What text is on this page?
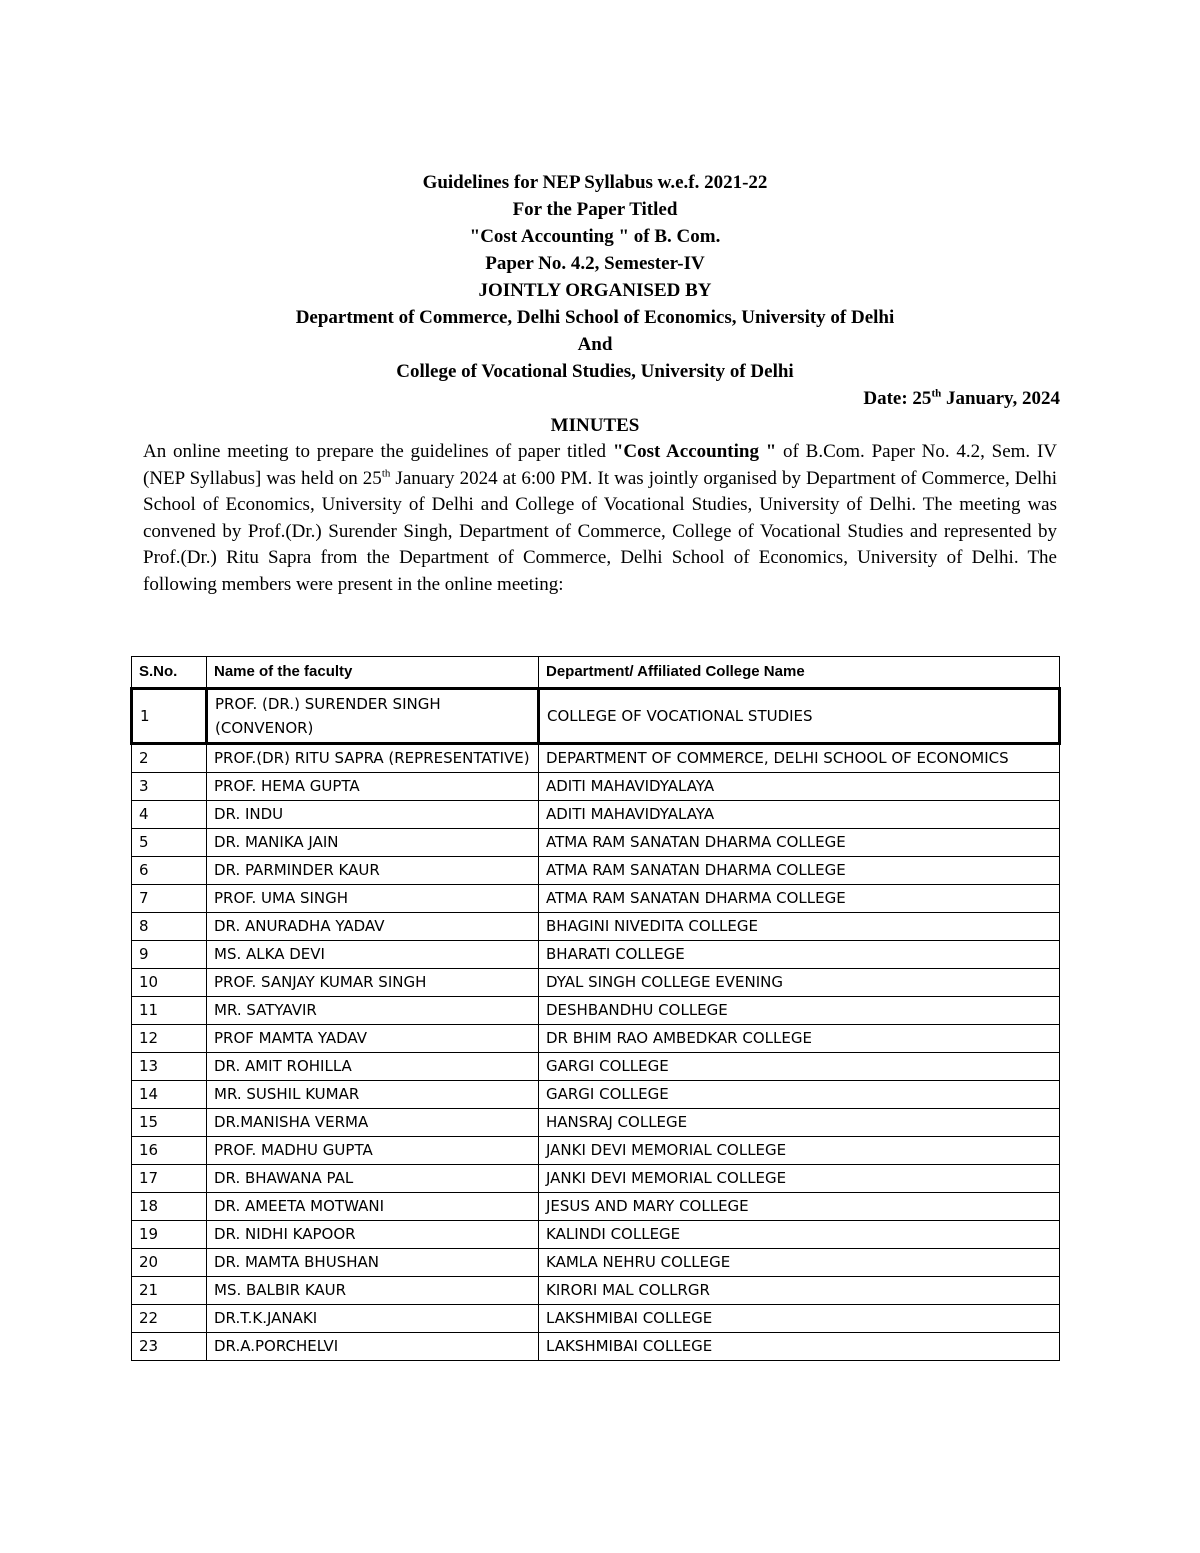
Guidelines for NEP Syllabus w.e.f. 2021-22
For the Paper Titled
"Cost Accounting " of B. Com.
Paper No. 4.2, Semester-IV
JOINTLY ORGANISED BY
Department of Commerce, Delhi School of Economics, University of Delhi
And
College of Vocational Studies, University of Delhi
Date: 25th January, 2024
MINUTES
An online meeting to prepare the guidelines of paper titled "Cost Accounting " of B.Com. Paper No. 4.2, Sem. IV (NEP Syllabus] was held on 25th January 2024 at 6:00 PM. It was jointly organised by Department of Commerce, Delhi School of Economics, University of Delhi and College of Vocational Studies, University of Delhi. The meeting was convened by Prof.(Dr.) Surender Singh, Department of Commerce, College of Vocational Studies and represented by Prof.(Dr.) Ritu Sapra from the Department of Commerce, Delhi School of Economics, University of Delhi. The following members were present in the online meeting:
S.No.	Name of the faculty	Department/ Affiliated College Name
1	PROF. (DR.) SURENDER SINGH (CONVENOR)	COLLEGE OF VOCATIONAL STUDIES
2	PROF.(DR) RITU SAPRA (REPRESENTATIVE)	DEPARTMENT OF COMMERCE, DELHI SCHOOL OF ECONOMICS
3	PROF. HEMA GUPTA	ADITI MAHAVIDYALAYA
4	DR. INDU	ADITI MAHAVIDYALAYA
5	DR. MANIKA JAIN	ATMA RAM SANATAN DHARMA COLLEGE
6	DR. PARMINDER KAUR	ATMA RAM SANATAN DHARMA COLLEGE
7	PROF. UMA SINGH	ATMA RAM SANATAN DHARMA COLLEGE
8	DR. ANURADHA YADAV	BHAGINI NIVEDITA COLLEGE
9	MS. ALKA DEVI	BHARATI COLLEGE
10	PROF. SANJAY KUMAR SINGH	DYAL SINGH COLLEGE EVENING
11	MR. SATYAVIR	DESHBANDHU COLLEGE
12	PROF MAMTA YADAV	DR BHIM RAO AMBEDKAR COLLEGE
13	DR. AMIT ROHILLA	GARGI COLLEGE
14	MR. SUSHIL KUMAR	GARGI COLLEGE
15	DR.MANISHA VERMA	HANSRAJ COLLEGE
16	PROF. MADHU GUPTA	JANKI DEVI MEMORIAL COLLEGE
17	DR. BHAWANA PAL	JANKI DEVI MEMORIAL COLLEGE
18	DR. AMEETA MOTWANI	JESUS AND MARY COLLEGE
19	DR. NIDHI KAPOOR	KALINDI COLLEGE
20	DR. MAMTA BHUSHAN	KAMLA NEHRU COLLEGE
21	MS. BALBIR KAUR	KIRORI MAL COLLRGR
22	DR.T.K.JANAKI	LAKSHMIBAI COLLEGE
23	DR.A.PORCHELVI	LAKSHMIBAI COLLEGE
